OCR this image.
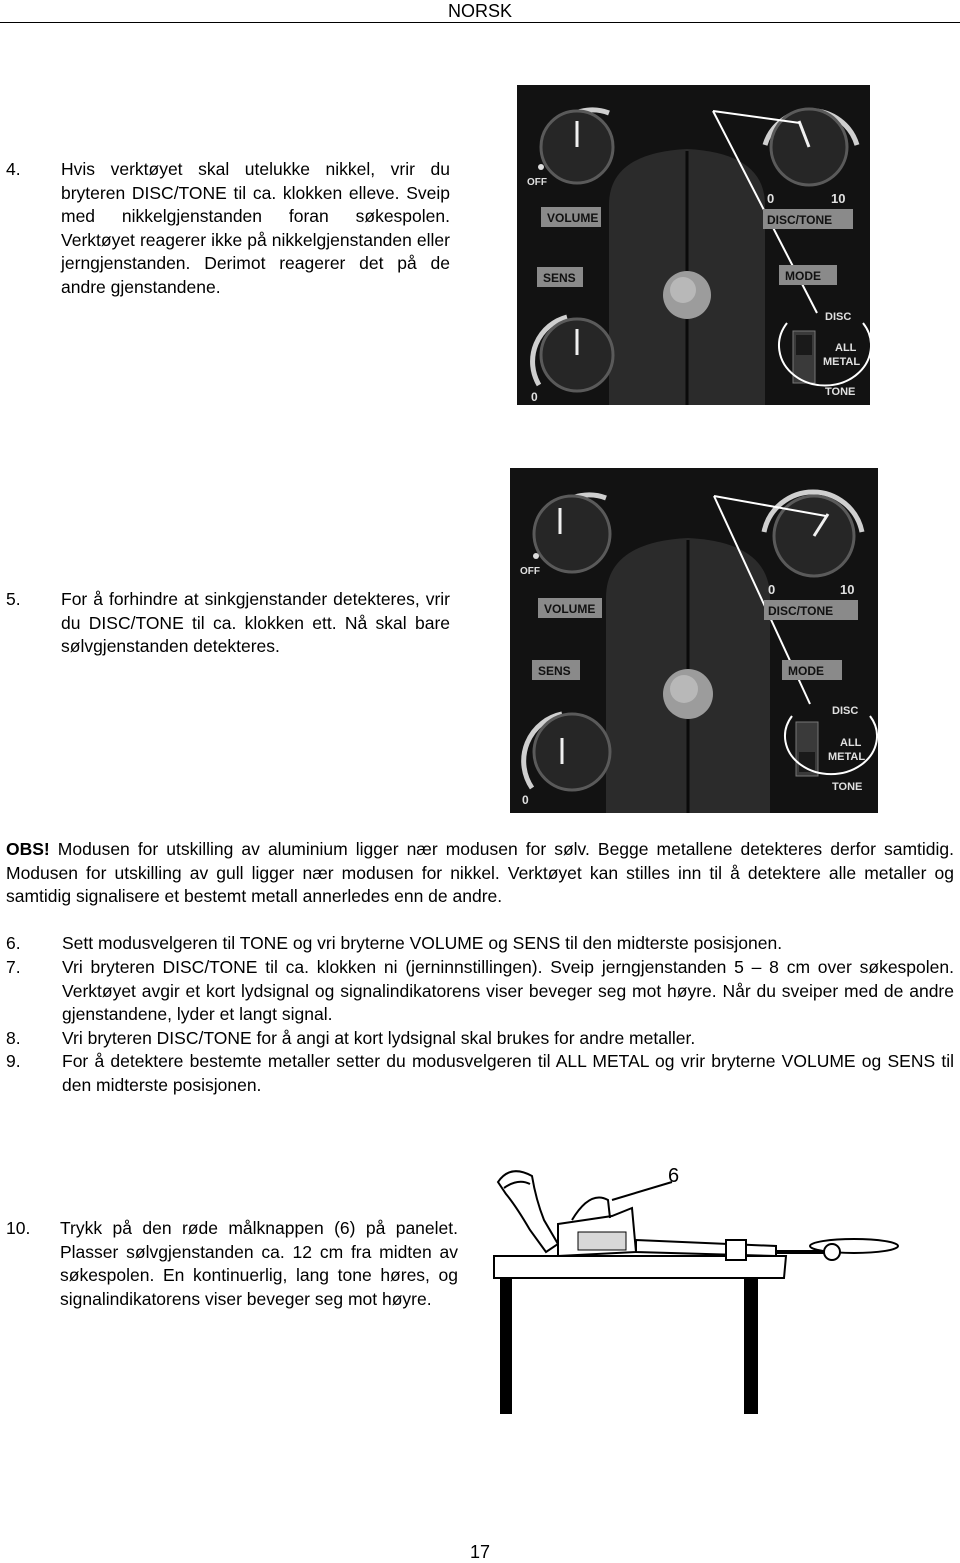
NORSK
4. Hvis verktøyet skal utelukke nikkel, vrir du bryteren DISC/TONE til ca. klokken elleve. Sveip med nikkelgjenstanden foran søkespolen. Verktøyet reagerer ikke på nikkelgjenstanden eller jerngjenstanden. Derimot reagerer det på de andre gjenstandene.
OFF
VOLUME
SENS
0
0	10
DISC/TONE
MODE
DISC
ALL
METAL
TONE
5. For å forhindre at sinkgjenstander detekteres, vrir du DISC/TONE til ca. klokken ett. Nå skal bare sølvgjenstanden detekteres.
OFF
VOLUME
SENS
0
0	10
DISC/TONE
MODE
DISC
ALL
METAL
TONE

OBS! Modusen for utskilling av aluminium ligger nær modusen for sølv. Begge metallene detekteres derfor samtidig. Modusen for utskilling av gull ligger nær modusen for nikkel. Verktøyet kan stilles inn til å detektere alle metaller og samtidig signalisere et bestemt metall annerledes enn de andre.

6. Sett modusvelgeren til TONE og vri bryterne VOLUME og SENS til den midterste posisjonen.
7. Vri bryteren DISC/TONE til ca. klokken ni (jerninnstillingen). Sveip jerngjenstanden 5 – 8 cm over søkespolen. Verktøyet avgir et kort lydsignal og signalindikatorens viser beveger seg mot høyre. Når du sveiper med de andre gjenstandene, lyder et langt signal.
8. Vri bryteren DISC/TONE for å angi at kort lydsignal skal brukes for andre metaller.
9. For å detektere bestemte metaller setter du modusvelgeren til ALL METAL og vrir bryterne VOLUME og SENS til den midterste posisjonen.
10. Trykk på den røde målknappen (6) på panelet. Plasser sølvgjenstanden ca. 12 cm fra midten av søkespolen. En kontinuerlig, lang tone høres, og signalindikatorens viser beveger seg mot høyre.
6
17
